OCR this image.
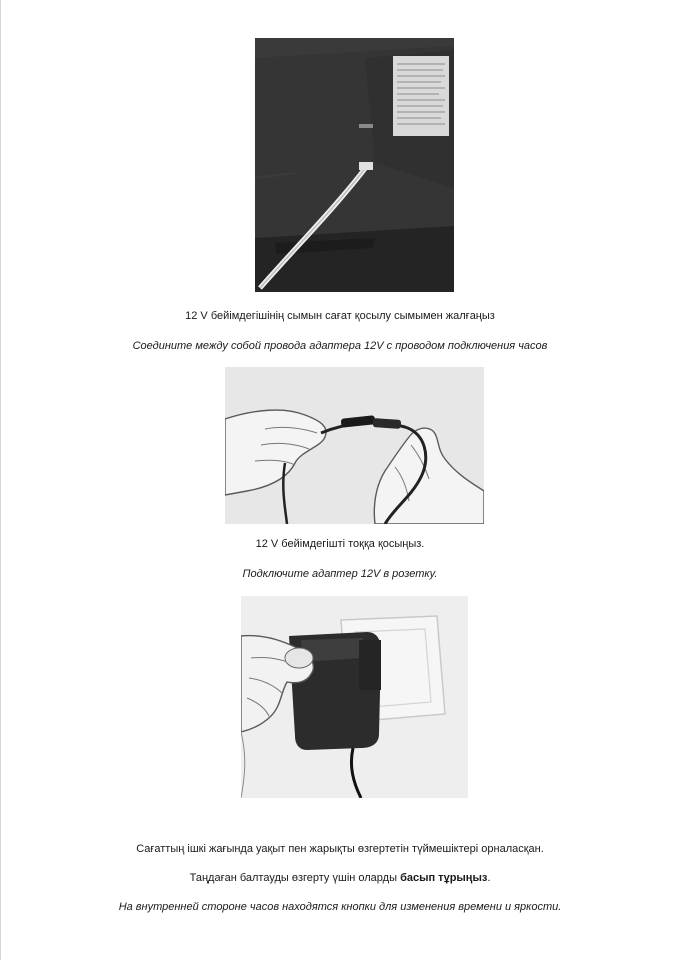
12 V бейімдегішінің сымын сағат қосылу сымымен жалғаңыз
Соедините между собой провода адаптера 12V с проводом подключения часов
12 V бейімдегішті тоққа қосыңыз.
Подключите адаптер 12V в розетку.
Сағаттың ішкі жағында уақыт пен жарықты өзгертетін түймешіктері орналасқан.
Таңдаған балтауды өзгерту үшін оларды басып тұрыңыз.
На внутренней стороне часов находятся кнопки для изменения времени и яркости.
